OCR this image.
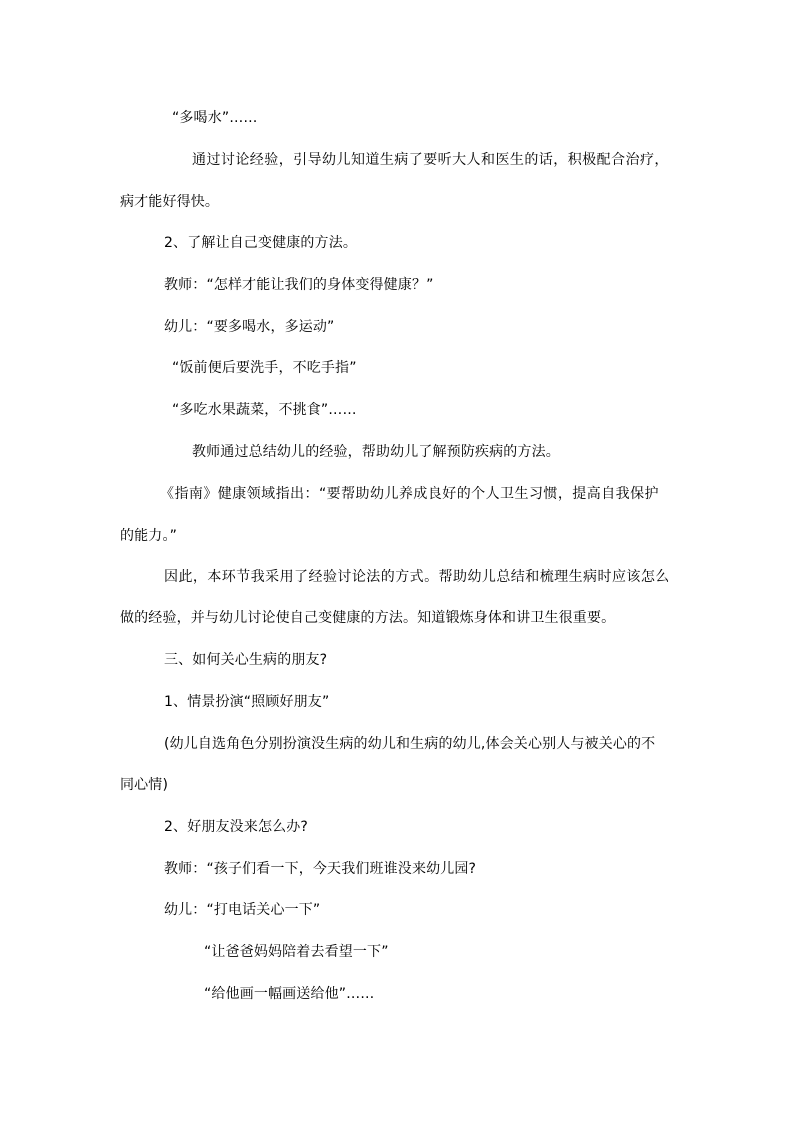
“多喝水”……
通过讨论经验，引导幼儿知道生病了要听大人和医生的话，积极配合治疗，
病才能好得快。
2、了解让自己变健康的方法。
教师：“怎样才能让我们的身体变得健康？”
幼儿：“要多喝水，多运动”
“饭前便后要洗手，不吃手指”
“多吃水果蔬菜，不挑食”……
教师通过总结幼儿的经验，帮助幼儿了解预防疾病的方法。
《指南》健康领域指出：“要帮助幼儿养成良好的个人卫生习惯，提高自我保护
的能力。”
因此，本环节我采用了经验讨论法的方式。帮助幼儿总结和梳理生病时应该怎么
做的经验，并与幼儿讨论使自己变健康的方法。知道锻炼身体和讲卫生很重要。
三、如何关心生病的朋友?
1、情景扮演“照顾好朋友”
(幼儿自选角色分别扮演没生病的幼儿和生病的幼儿,体会关心别人与被关心的不
同心情)
2、好朋友没来怎么办?
教师：“孩子们看一下，今天我们班谁没来幼儿园?
幼儿：“打电话关心一下”
“让爸爸妈妈陪着去看望一下”
“给他画一幅画送给他”……
